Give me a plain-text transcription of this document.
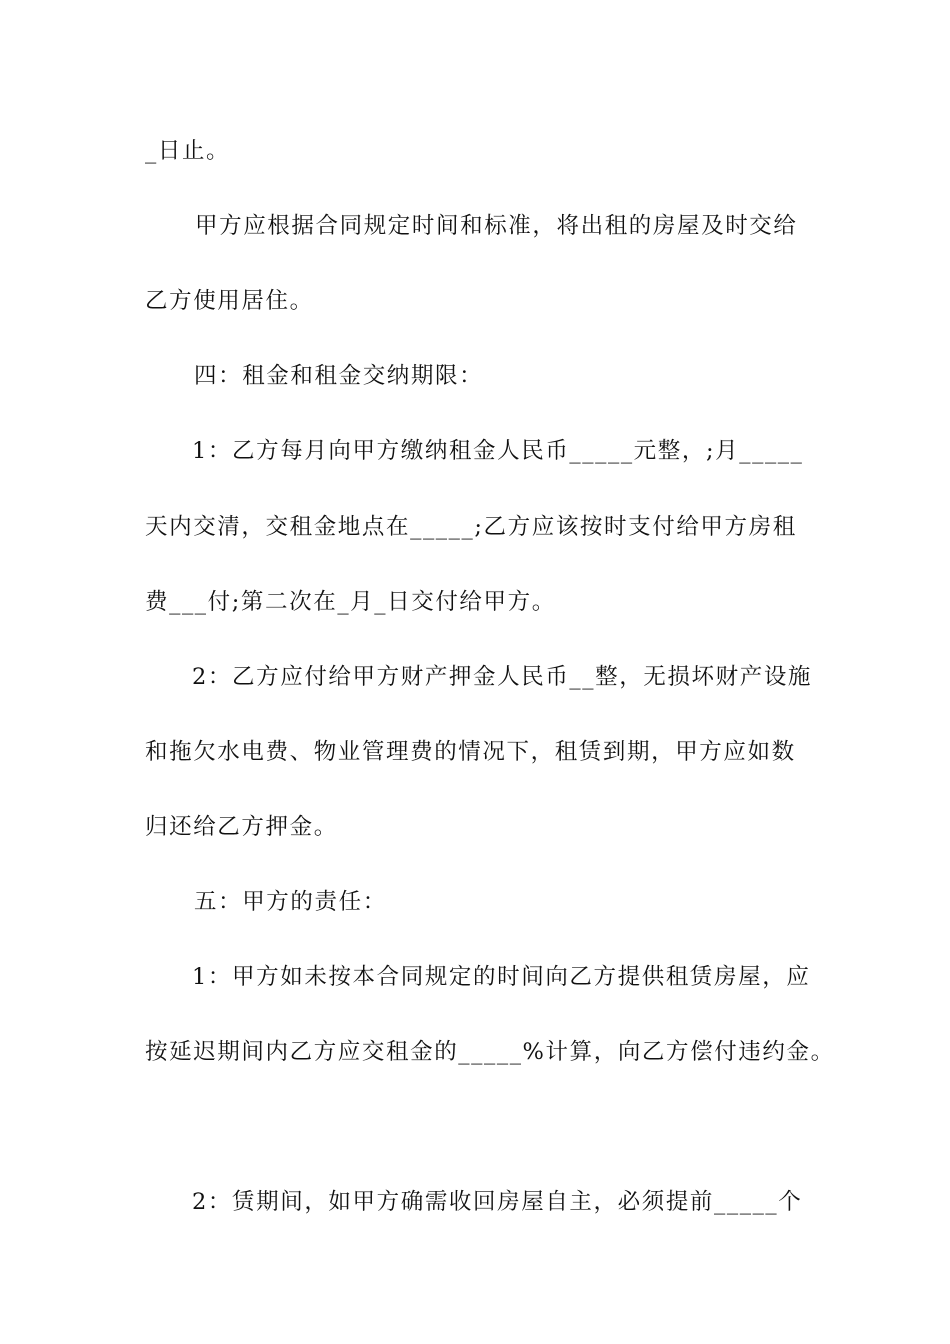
_日止。
甲方应根据合同规定时间和标准，将出租的房屋及时交给
乙方使用居住。
四：租金和租金交纳期限：
1：乙方每月向甲方缴纳租金人民币_____元整，;月_____
天内交清，交租金地点在_____;乙方应该按时支付给甲方房租
费___付;第二次在_月_日交付给甲方。
2：乙方应付给甲方财产押金人民币__整，无损坏财产设施
和拖欠水电费、物业管理费的情况下，租赁到期，甲方应如数
归还给乙方押金。
五：甲方的责任：
1：甲方如未按本合同规定的时间向乙方提供租赁房屋，应
按延迟期间内乙方应交租金的_____%计算，向乙方偿付违约金。
2：赁期间，如甲方确需收回房屋自主，必须提前_____个
